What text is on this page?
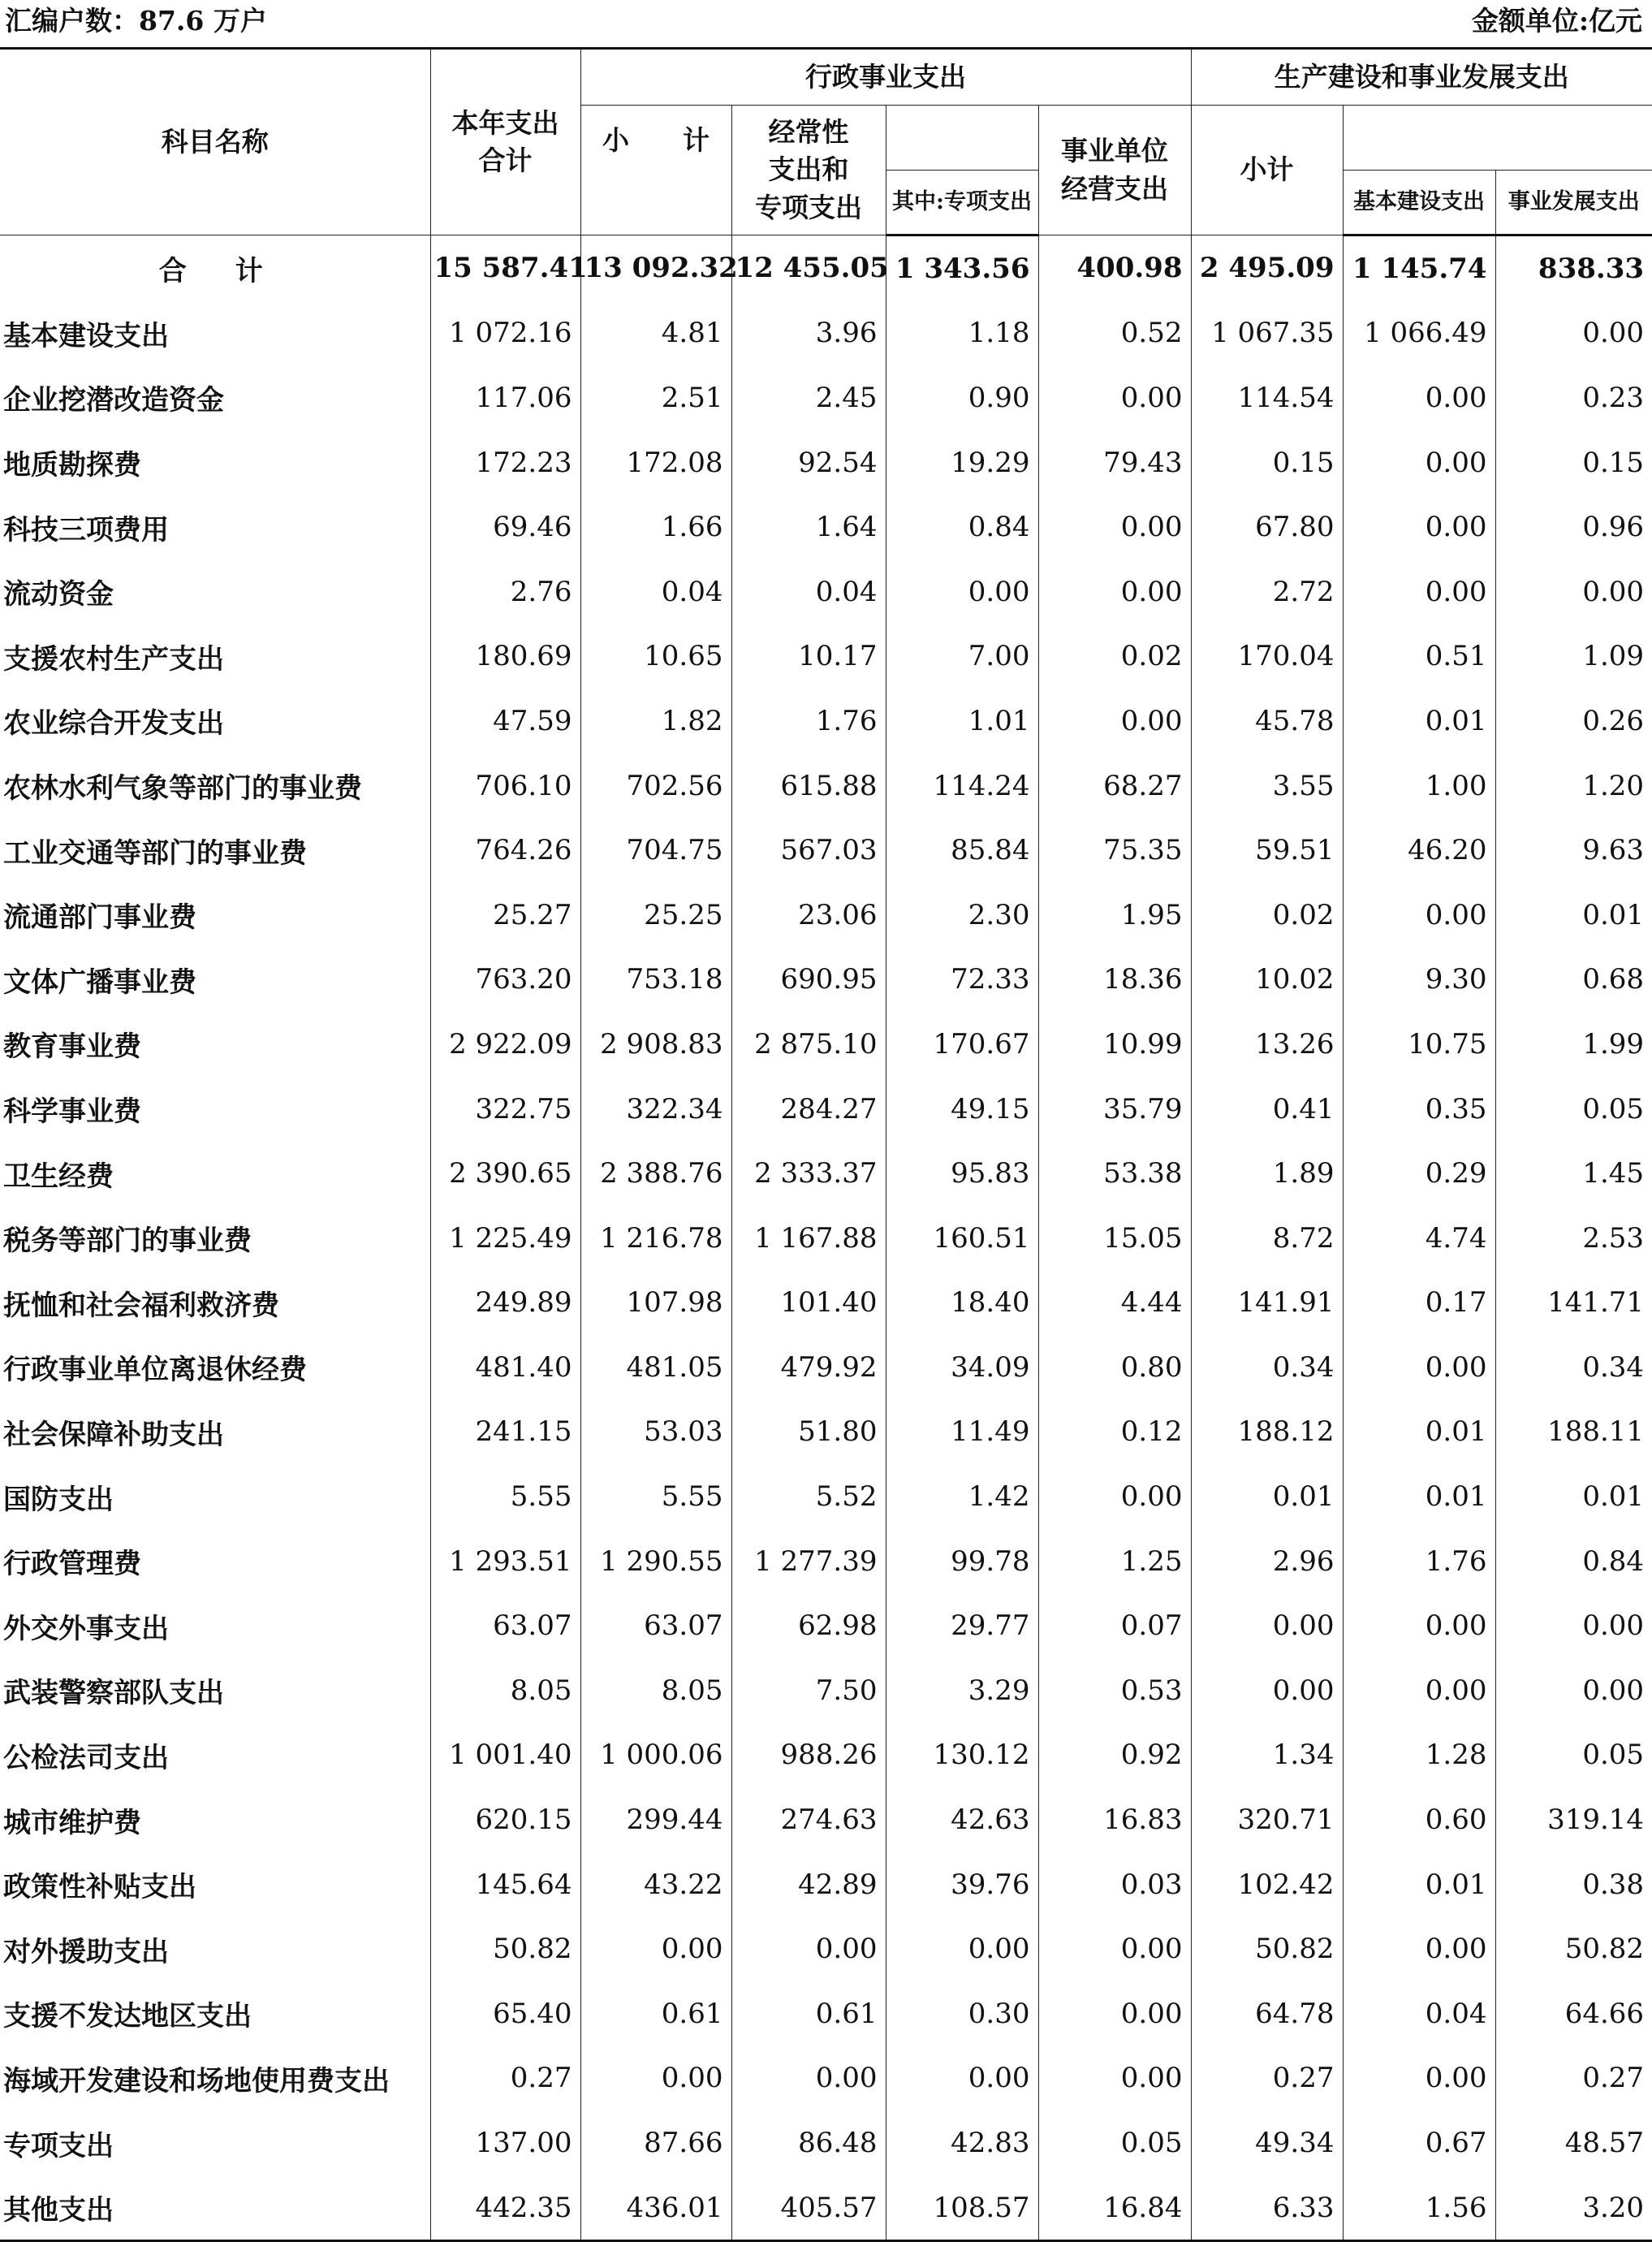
汇编户数：87.6 万户	金额单位:亿元
科目名称	本年支出
合计	行政事业支出				生产建设和事业发展支出		
		小　　计	经常性
支出和
专项支出		事业单位
经营支出	小计		
				其中:专项支出			基本建设支出	事业发展支出
合计	15 587.41	13 092.32	12 455.05	1 343.56	400.98	2 495.09	1 145.74	838.33
基本建设支出	1 072.16	4.81	3.96	1.18	0.52	1 067.35	1 066.49	0.00
企业挖潜改造资金	117.06	2.51	2.45	0.90	0.00	114.54	0.00	0.23
地质勘探费	172.23	172.08	92.54	19.29	79.43	0.15	0.00	0.15
科技三项费用	69.46	1.66	1.64	0.84	0.00	67.80	0.00	0.96
流动资金	2.76	0.04	0.04	0.00	0.00	2.72	0.00	0.00
支援农村生产支出	180.69	10.65	10.17	7.00	0.02	170.04	0.51	1.09
农业综合开发支出	47.59	1.82	1.76	1.01	0.00	45.78	0.01	0.26
农林水利气象等部门的事业费	706.10	702.56	615.88	114.24	68.27	3.55	1.00	1.20
工业交通等部门的事业费	764.26	704.75	567.03	85.84	75.35	59.51	46.20	9.63
流通部门事业费	25.27	25.25	23.06	2.30	1.95	0.02	0.00	0.01
文体广播事业费	763.20	753.18	690.95	72.33	18.36	10.02	9.30	0.68
教育事业费	2 922.09	2 908.83	2 875.10	170.67	10.99	13.26	10.75	1.99
科学事业费	322.75	322.34	284.27	49.15	35.79	0.41	0.35	0.05
卫生经费	2 390.65	2 388.76	2 333.37	95.83	53.38	1.89	0.29	1.45
税务等部门的事业费	1 225.49	1 216.78	1 167.88	160.51	15.05	8.72	4.74	2.53
抚恤和社会福利救济费	249.89	107.98	101.40	18.40	4.44	141.91	0.17	141.71
行政事业单位离退休经费	481.40	481.05	479.92	34.09	0.80	0.34	0.00	0.34
社会保障补助支出	241.15	53.03	51.80	11.49	0.12	188.12	0.01	188.11
国防支出	5.55	5.55	5.52	1.42	0.00	0.01	0.01	0.01
行政管理费	1 293.51	1 290.55	1 277.39	99.78	1.25	2.96	1.76	0.84
外交外事支出	63.07	63.07	62.98	29.77	0.07	0.00	0.00	0.00
武装警察部队支出	8.05	8.05	7.50	3.29	0.53	0.00	0.00	0.00
公检法司支出	1 001.40	1 000.06	988.26	130.12	0.92	1.34	1.28	0.05
城市维护费	620.15	299.44	274.63	42.63	16.83	320.71	0.60	319.14
政策性补贴支出	145.64	43.22	42.89	39.76	0.03	102.42	0.01	0.38
对外援助支出	50.82	0.00	0.00	0.00	0.00	50.82	0.00	50.82
支援不发达地区支出	65.40	0.61	0.61	0.30	0.00	64.78	0.04	64.66
海域开发建设和场地使用费支出	0.27	0.00	0.00	0.00	0.00	0.27	0.00	0.27
专项支出	137.00	87.66	86.48	42.83	0.05	49.34	0.67	48.57
其他支出	442.35	436.01	405.57	108.57	16.84	6.33	1.56	3.20
